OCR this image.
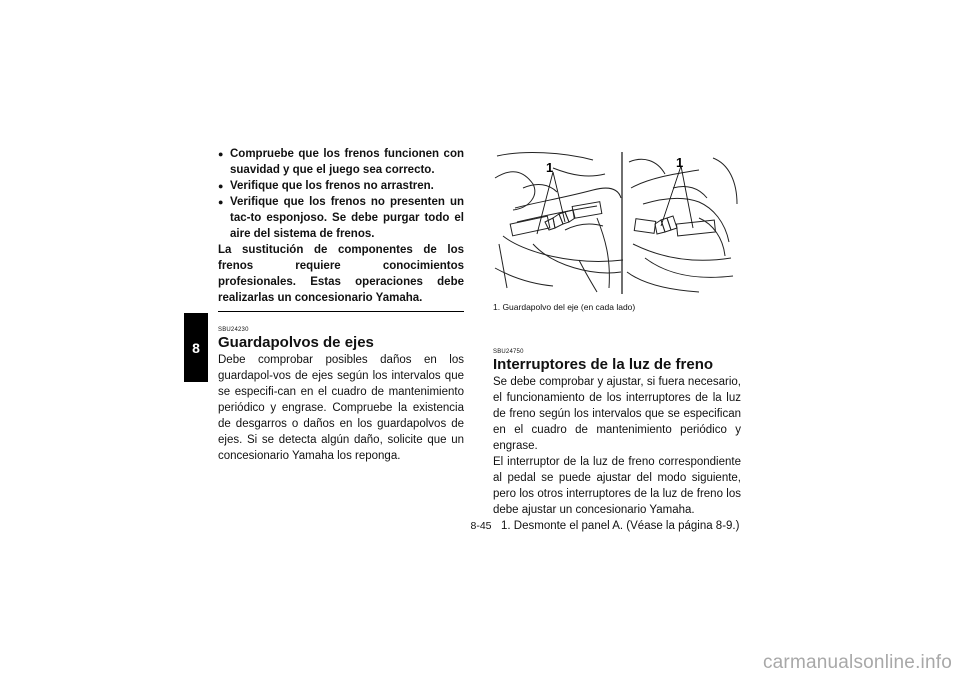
8
● Compruebe que los frenos funcionen con suavidad y que el juego sea correcto.
● Verifique que los frenos no arrastren.
● Verifique que los frenos no presenten un tac-to esponjoso. Se debe purgar todo el aire del sistema de frenos.

La sustitución de componentes de los frenos requiere conocimientos profesionales. Estas operaciones debe realizarlas un concesionario Yamaha.

SBU24230
Guardapolvos de ejes

Debe comprobar posibles daños en los guardapol-vos de ejes según los intervalos que se especifi-can en el cuadro de mantenimiento periódico y engrase. Compruebe la existencia de desgarros o daños en los guardapolvos de ejes. Si se detecta algún daño, solicite que un concesionario Yamaha los reponga.

1	1

1. Guardapolvo del eje (en cada lado)

SBU24750
Interruptores de la luz de freno

Se debe comprobar y ajustar, si fuera necesario, el funcionamiento de los interruptores de la luz de freno según los intervalos que se especifican en el cuadro de mantenimiento periódico y engrase.

El interruptor de la luz de freno correspondiente al pedal se puede ajustar del modo siguiente, pero los otros interruptores de la luz de freno los debe ajustar un concesionario Yamaha.

1. Desmonte el panel A. (Véase la página 8-9.)

8-45
carmanualsonline.info
